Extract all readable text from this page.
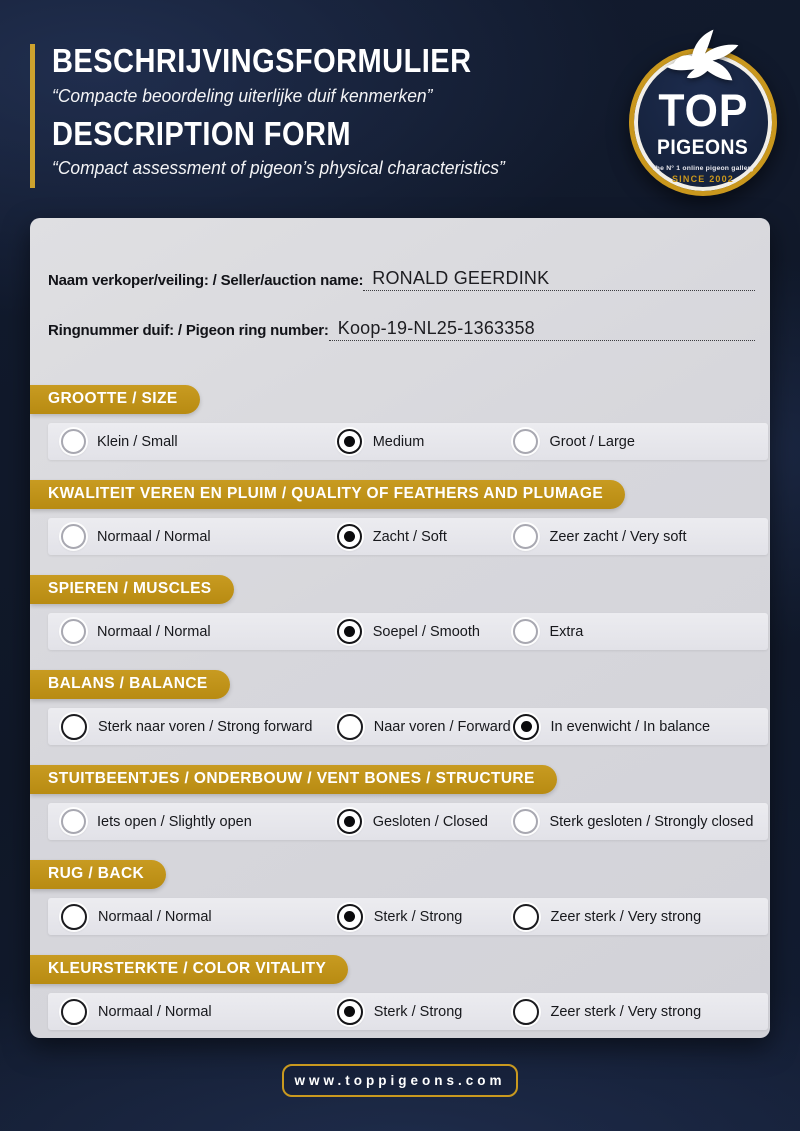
BESCHRIJVINGSFORMULIER
“Compacte beoordeling uiterlijke duif kenmerken”
DESCRIPTION FORM
“Compact assessment of pigeon’s physical characteristics”
TOP
PIGEONS
The N° 1 online pigeon gallery
SINCE 2002
Naam verkoper/veiling: / Seller/auction name: RONALD GEERDINK
Ringnummer duif: / Pigeon ring number: Koop-19-NL25-1363358
GROOTTE / SIZE
Klein / Small	Medium	Groot / Large
KWALITEIT VEREN EN PLUIM / QUALITY OF FEATHERS AND PLUMAGE
Normaal / Normal	Zacht / Soft	Zeer zacht / Very soft
SPIEREN / MUSCLES
Normaal / Normal	Soepel / Smooth	Extra
BALANS / BALANCE
Sterk naar voren / Strong forward	Naar voren / Forward	In evenwicht / In balance
STUITBEENTJES / ONDERBOUW / VENT BONES / STRUCTURE
Iets open / Slightly open	Gesloten / Closed	Sterk gesloten / Strongly closed
RUG / BACK
Normaal / Normal	Sterk / Strong	Zeer sterk / Very strong
KLEURSTERKTE / COLOR VITALITY
Normaal / Normal	Sterk / Strong	Zeer sterk / Very strong
www.toppigeons.com
